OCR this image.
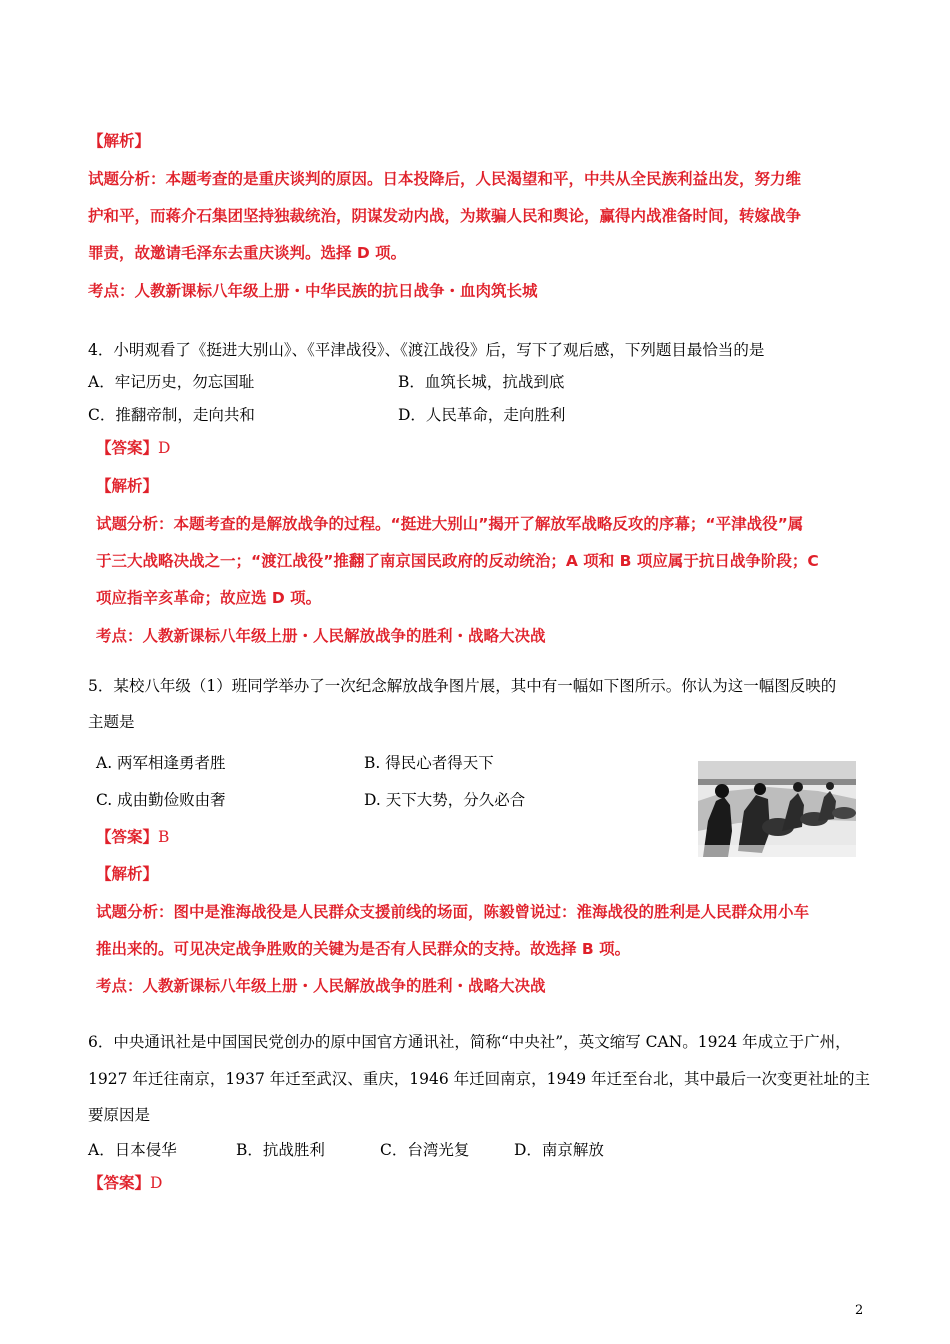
【解析】
试题分析：本题考查的是重庆谈判的原因。日本投降后，人民渴望和平，中共从全民族利益出发，努力维
护和平，而蒋介石集团坚持独裁统治，阴谋发动内战，为欺骗人民和舆论，赢得内战准备时间，转嫁战争
罪责，故邀请毛泽东去重庆谈判。选择 D 项。
考点：人教新课标八年级上册・中华民族的抗日战争・血肉筑长城
4．小明观看了《挺进大别山》、《平津战役》、《渡江战役》后，写下了观后感，下列题目最恰当的是
A．牢记历史，勿忘国耻	B．血筑长城，抗战到底
C．推翻帝制，走向共和	D．人民革命，走向胜利
【答案】D
【解析】
试题分析：本题考查的是解放战争的过程。“挺进大别山”揭开了解放军战略反攻的序幕；“平津战役”属
于三大战略决战之一；“渡江战役”推翻了南京国民政府的反动统治；A 项和 B 项应属于抗日战争阶段；C
项应指辛亥革命；故应选 D 项。
考点：人教新课标八年级上册・人民解放战争的胜利・战略大决战
5．某校八年级（1）班同学举办了一次纪念解放战争图片展，其中有一幅如下图所示。你认为这一幅图反映的
主题是
A. 两军相逢勇者胜	B. 得民心者得天下
C. 成由勤俭败由奢	D. 天下大势，分久必合
【答案】B
【解析】
试题分析：图中是淮海战役是人民群众支援前线的场面，陈毅曾说过：淮海战役的胜利是人民群众用小车
推出来的。可见决定战争胜败的关键为是否有人民群众的支持。故选择 B 项。
考点：人教新课标八年级上册・人民解放战争的胜利・战略大决战
6．中央通讯社是中国国民党创办的原中国官方通讯社，简称“中央社”，英文缩写 CAN。1924 年成立于广州，
1927 年迁往南京，1937 年迁至武汉、重庆，1946 年迁回南京，1949 年迁至台北，其中最后一次变更社址的主
要原因是
A．日本侵华	B．抗战胜利	C．台湾光复	D．南京解放
【答案】D
2
